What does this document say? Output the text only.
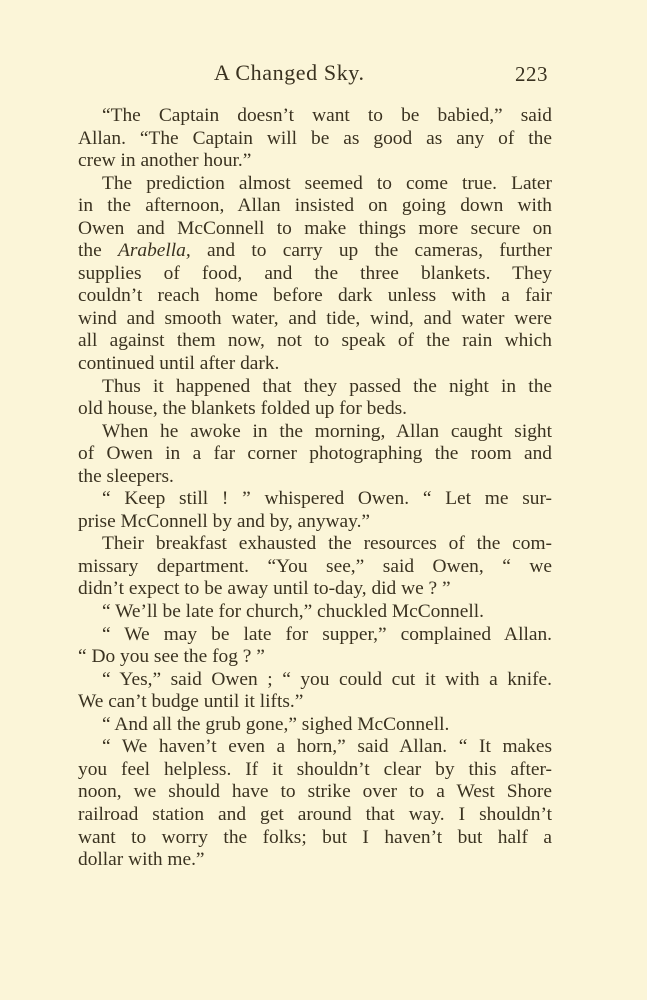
A Changed Sky.	223
“The Captain doesn’t want to be babied,” said
Allan. “The Captain will be as good as any of the
crew in another hour.”
The prediction almost seemed to come true. Later
in the afternoon, Allan insisted on going down with
Owen and McConnell to make things more secure on
the Arabella, and to carry up the cameras, further
supplies of food, and the three blankets. They
couldn’t reach home before dark unless with a fair
wind and smooth water, and tide, wind, and water were
all against them now, not to speak of the rain which
continued until after dark.
Thus it happened that they passed the night in the
old house, the blankets folded up for beds.
When he awoke in the morning, Allan caught sight
of Owen in a far corner photographing the room and
the sleepers.
“ Keep still ! ” whispered Owen. “ Let me sur-
prise McConnell by and by, anyway.”
Their breakfast exhausted the resources of the com-
missary department. “You see,” said Owen, “ we
didn’t expect to be away until to-day, did we ? ”
“ We’ll be late for church,” chuckled McConnell.
“ We may be late for supper,” complained Allan.
“ Do you see the fog ? ”
“ Yes,” said Owen ; “ you could cut it with a knife.
We can’t budge until it lifts.”
“ And all the grub gone,” sighed McConnell.
“ We haven’t even a horn,” said Allan. “ It makes
you feel helpless. If it shouldn’t clear by this after-
noon, we should have to strike over to a West Shore
railroad station and get around that way. I shouldn’t
want to worry the folks; but I haven’t but half a
dollar with me.”
